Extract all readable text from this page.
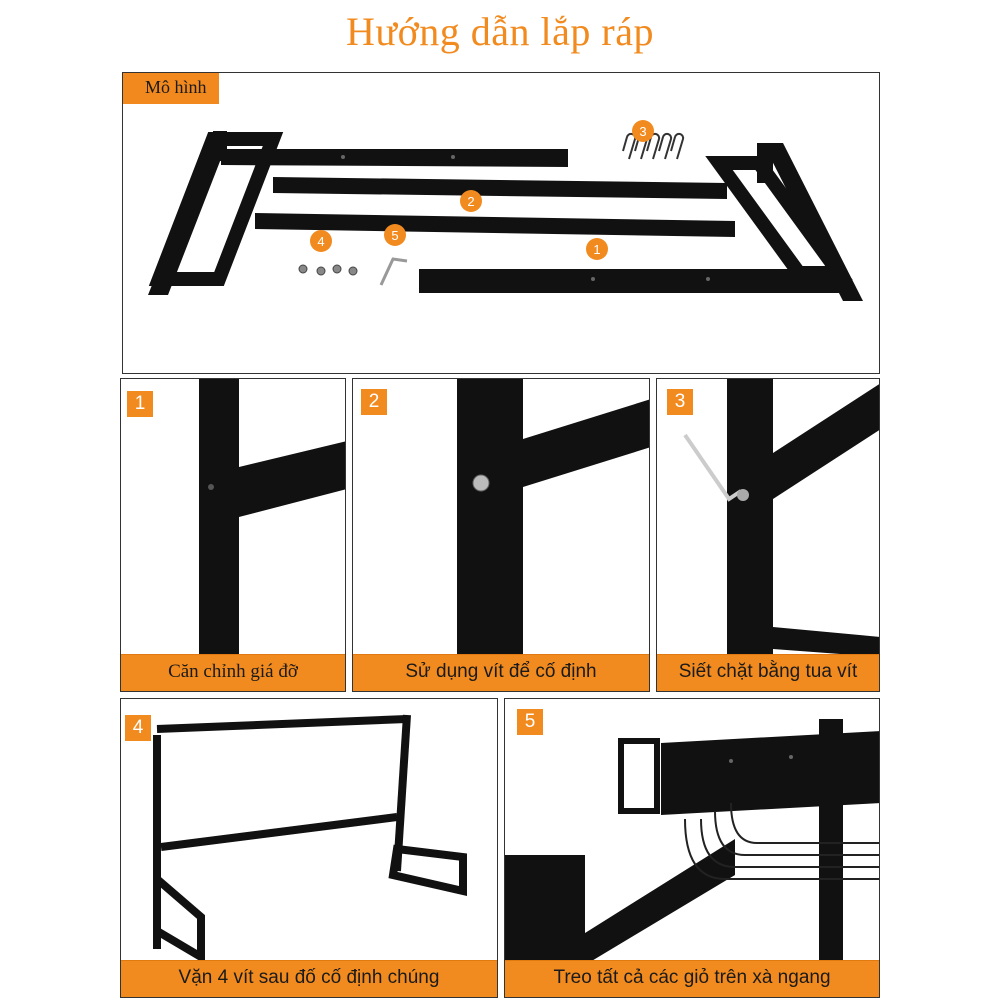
Hướng dẫn lắp ráp
3
2
4	5
1
Mô hình
1
Căn chỉnh giá đỡ
2
Sử dụng vít để cố định
3
Siết chặt bằng tua vít
4
Vặn 4 vít sau đố cố định chúng
5
Treo tất cả các giỏ trên xà ngang
